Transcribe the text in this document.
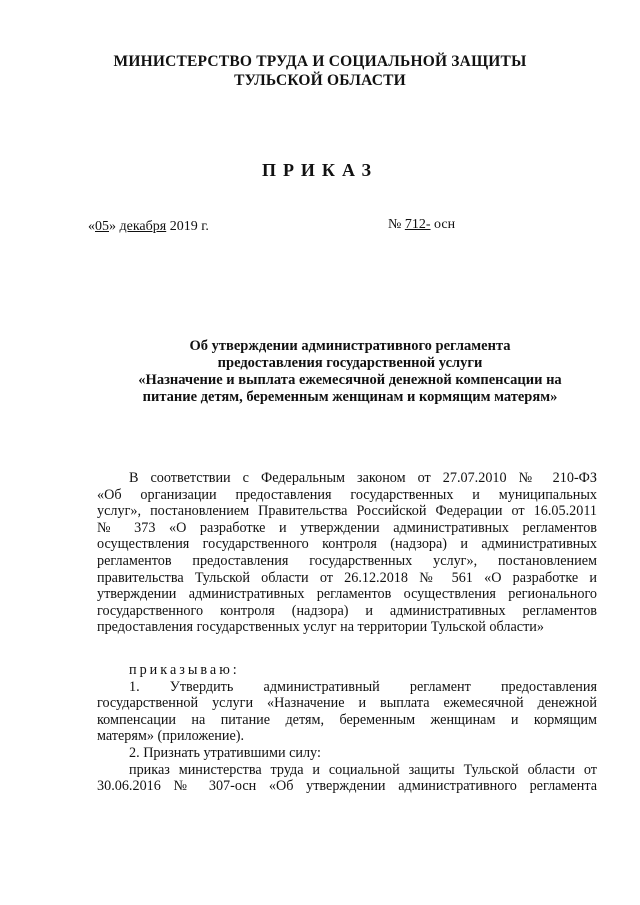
МИНИСТЕРСТВО ТРУДА И СОЦИАЛЬНОЙ ЗАЩИТЫ
ТУЛЬСКОЙ ОБЛАСТИ
ПРИКАЗ
«05» декабря 2019 г.	№ 712- осн
Об утверждении административного регламента
предоставления государственной услуги
«Назначение и выплата ежемесячной денежной компенсации на
питание детям, беременным женщинам и кормящим матерям»
В соответствии с Федеральным законом от 27.07.2010 № 210-ФЗ
«Об организации предоставления государственных и муниципальных
услуг», постановлением Правительства Российской Федерации от 16.05.2011
№ 373 «О разработке и утверждении административных регламентов
осуществления государственного контроля (надзора) и административных
регламентов предоставления государственных услуг», постановлением
правительства Тульской области от 26.12.2018 № 561 «О разработке и
утверждении административных регламентов осуществления регионального
государственного контроля (надзора) и административных регламентов
предоставления государственных услуг на территории Тульской области»
приказываю:
1. Утвердить административный регламент предоставления
государственной услуги «Назначение и выплата ежемесячной денежной
компенсации на питание детям, беременным женщинам и кормящим
матерям» (приложение).
2. Признать утратившими силу:
приказ министерства труда и социальной защиты Тульской области от
30.06.2016 № 307-осн «Об утверждении административного регламента
